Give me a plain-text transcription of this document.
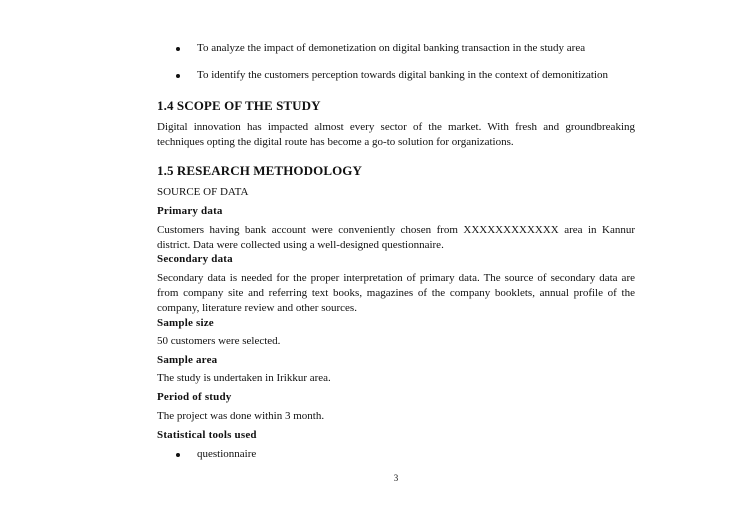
To analyze the impact of demonetization on digital banking transaction in the study area
To identify the customers perception towards digital banking in the context of demonitization
1.4 SCOPE OF THE STUDY
Digital innovation has impacted almost every sector of the market. With fresh and groundbreaking techniques opting the digital route has become a go-to solution for organizations.
1.5 RESEARCH METHODOLOGY
SOURCE OF DATA
Primary data
Customers having bank account were conveniently chosen from XXXXXXXXXXXX area in Kannur district. Data were collected using a well-designed questionnaire.
Secondary data
Secondary data is needed for the proper interpretation of primary data. The source of secondary data are from company site and referring text books, magazines of the company booklets, annual profile of the company, literature review and other sources.
Sample size
50 customers were selected.
Sample area
The study is undertaken in Irikkur area.
Period of study
The project was done within 3 month.
Statistical tools used
questionnaire
3
